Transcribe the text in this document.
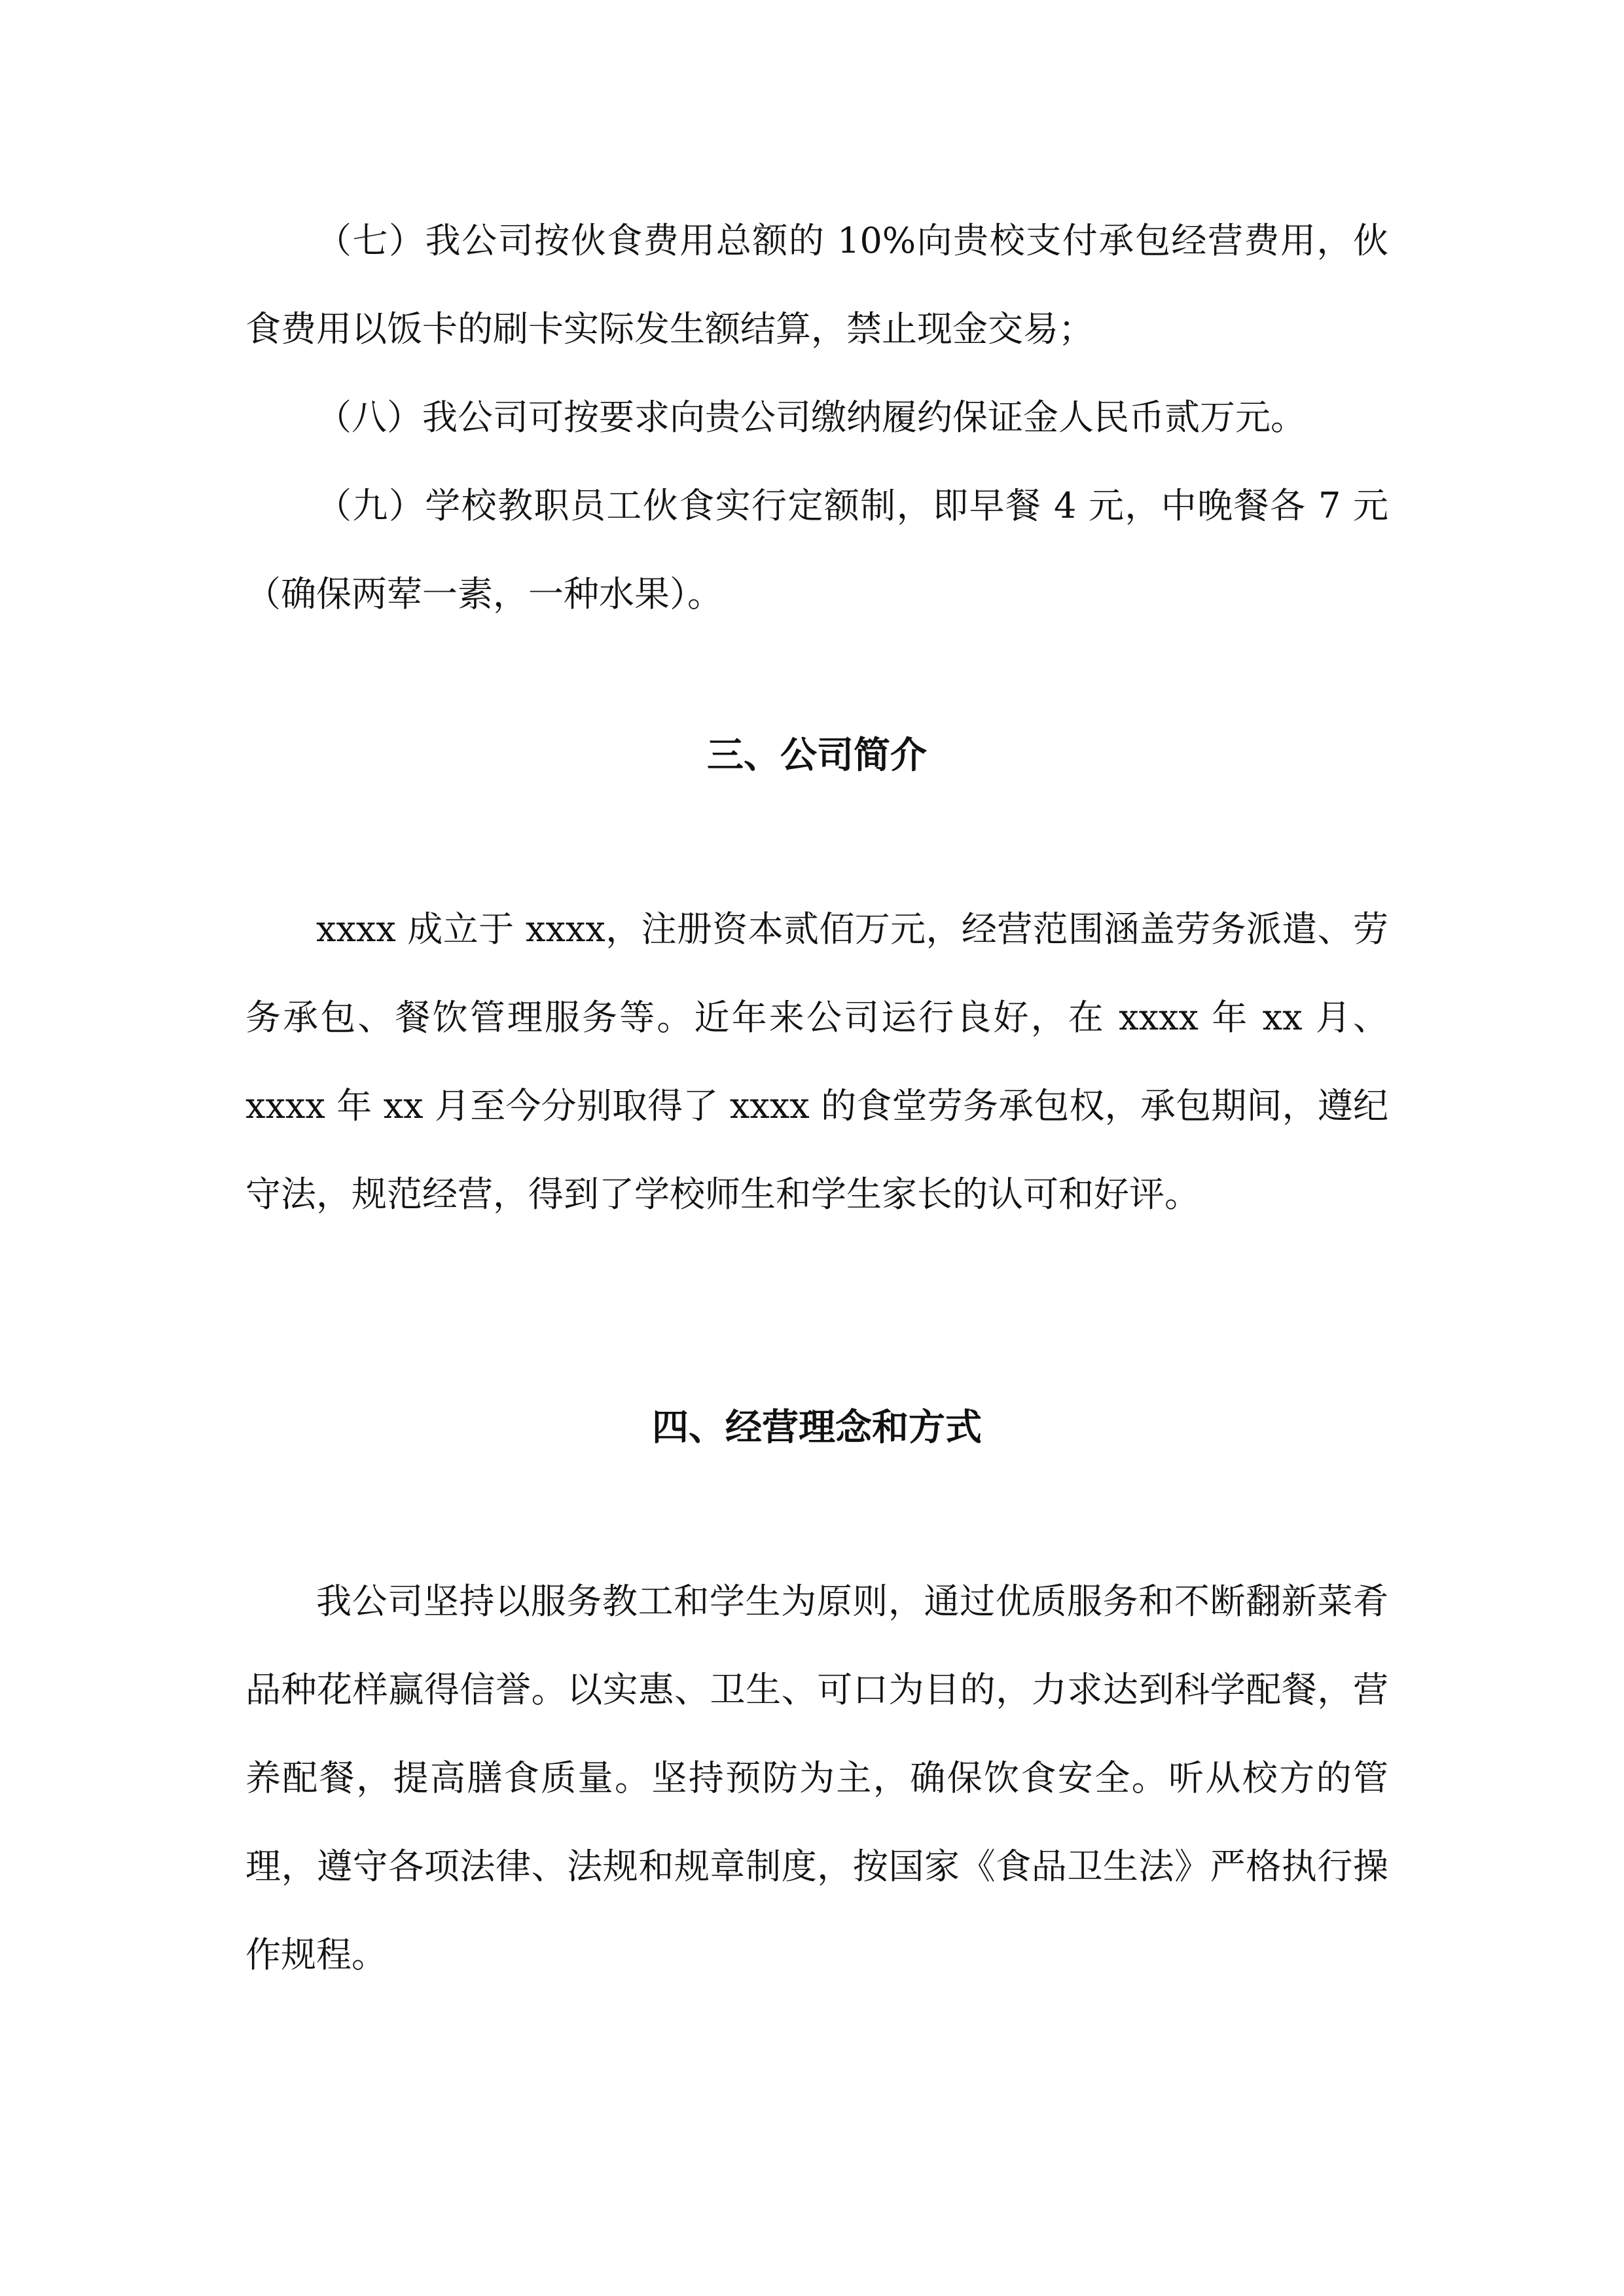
（七）我公司按伙食费用总额的 10%向贵校支付承包经营费用，伙食费用以饭卡的刷卡实际发生额结算，禁止现金交易；

（八）我公司可按要求向贵公司缴纳履约保证金人民币贰万元。

（九）学校教职员工伙食实行定额制，即早餐 4 元，中晚餐各 7 元（确保两荤一素，一种水果）。

三、公司简介

xxxx 成立于 xxxx，注册资本贰佰万元，经营范围涵盖劳务派遣、劳务承包、餐饮管理服务等。近年来公司运行良好，在 xxxx 年 xx 月、xxxx 年 xx 月至今分别取得了 xxxx 的食堂劳务承包权，承包期间，遵纪守法，规范经营，得到了学校师生和学生家长的认可和好评。

四、经营理念和方式

我公司坚持以服务教工和学生为原则，通过优质服务和不断翻新菜肴品种花样赢得信誉。以实惠、卫生、可口为目的，力求达到科学配餐，营养配餐，提高膳食质量。坚持预防为主，确保饮食安全。听从校方的管理，遵守各项法律、法规和规章制度，按国家《食品卫生法》严格执行操作规程。
